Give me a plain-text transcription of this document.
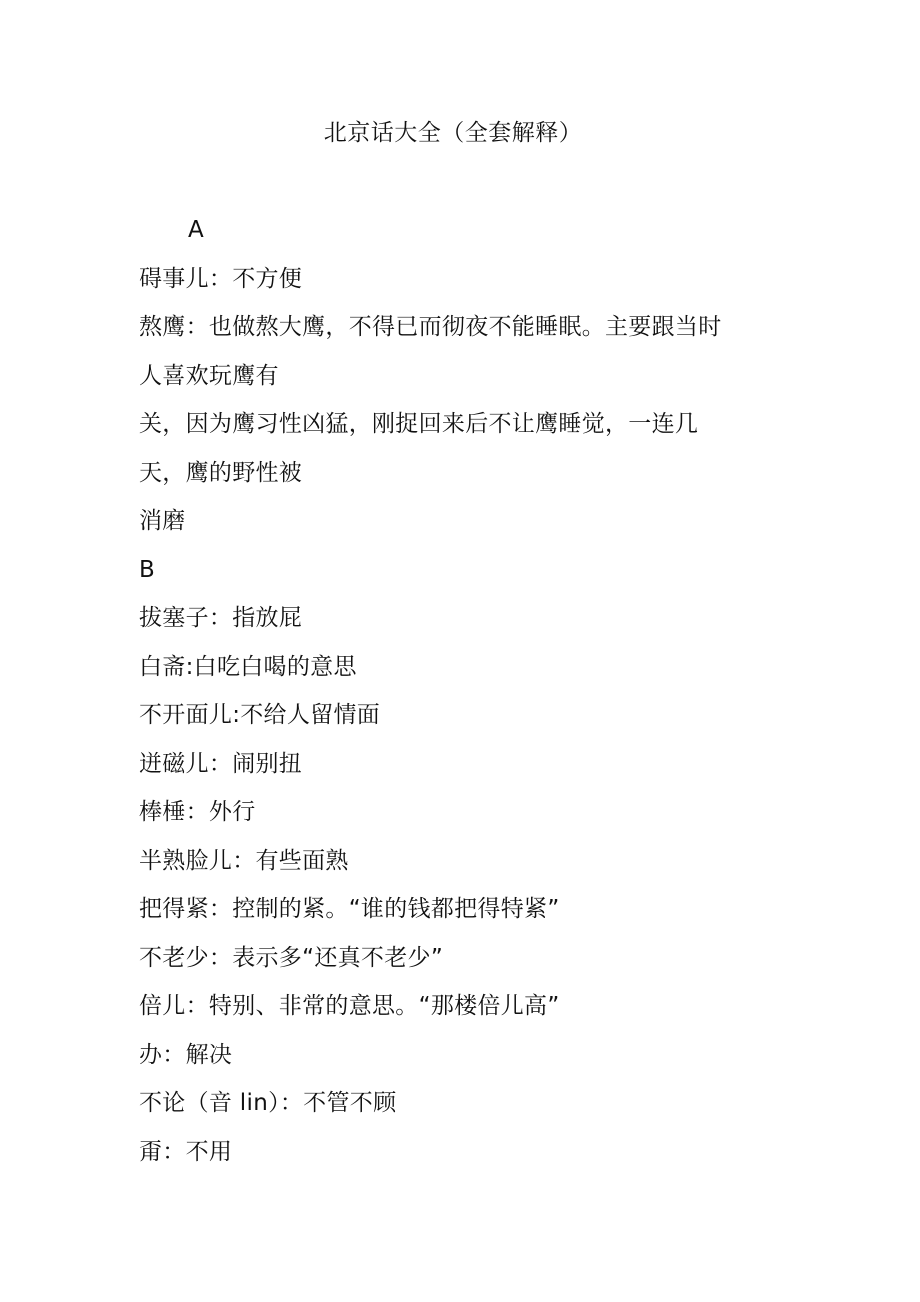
北京话大全（全套解释）
A
碍事儿：不方便
熬鹰：也做熬大鹰，不得已而彻夜不能睡眠。主要跟当时
人喜欢玩鹰有
关，因为鹰习性凶猛，刚捉回来后不让鹰睡觉，一连几
天，鹰的野性被
消磨
B
拔塞子：指放屁
白斋:白吃白喝的意思
不开面儿:不给人留情面
迸磁儿：闹别扭
棒棰：外行
半熟脸儿：有些面熟
把得紧：控制的紧。“谁的钱都把得特紧”
不老少：表示多“还真不老少”
倍儿：特别、非常的意思。“那楼倍儿高”
办：解决
不论（音 lin）：不管不顾
甭：不用
